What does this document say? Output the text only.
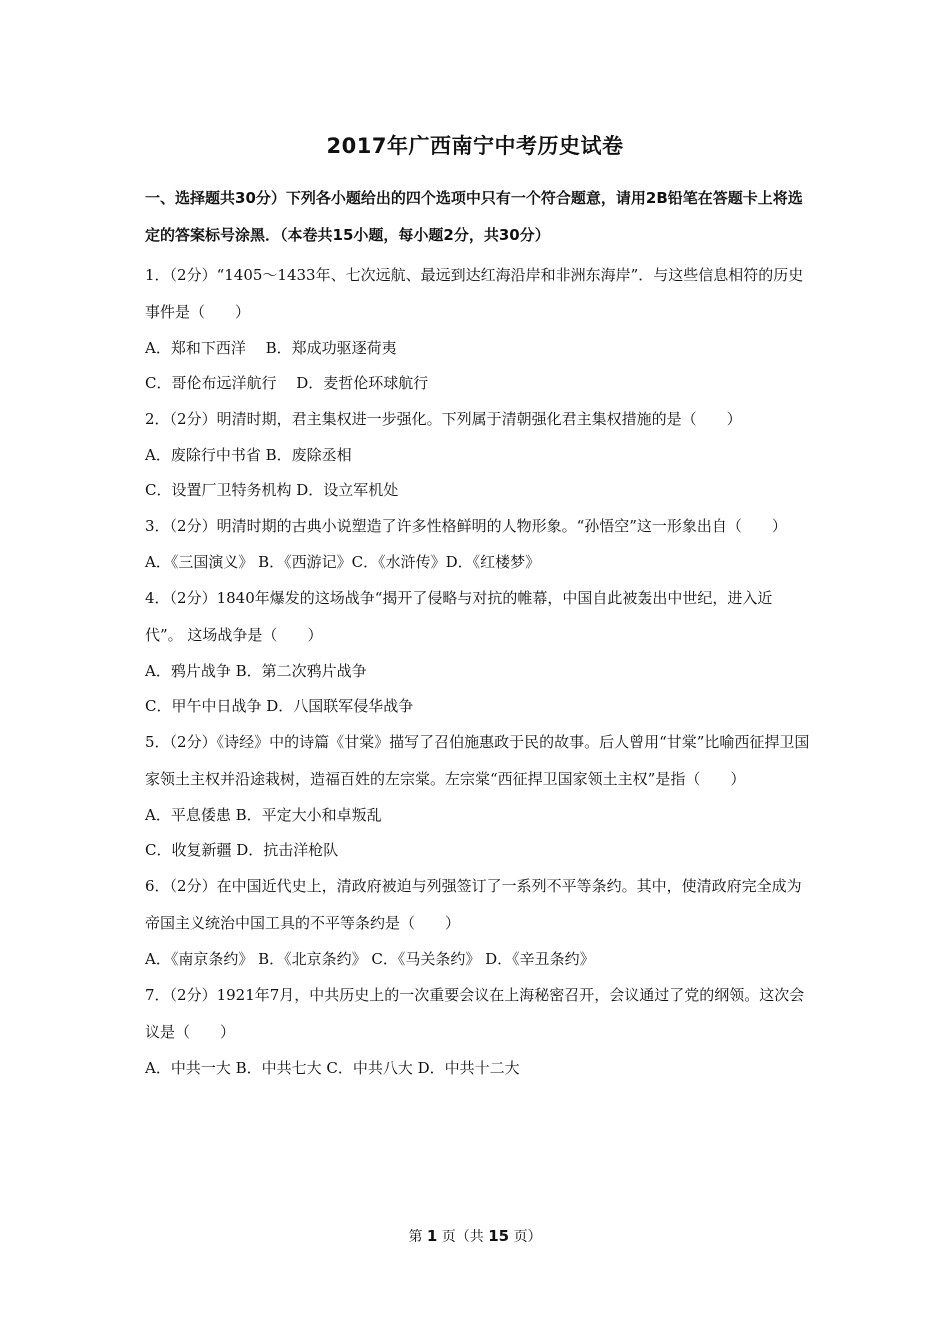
2017年广西南宁中考历史试卷
一、选择题共30分）下列各小题给出的四个选项中只有一个符合题意，请用2B铅笔在答题卡上将选定的答案标号涂黑．（本卷共15小题，每小题2分，共30分）

1．（2分）“1405～1433年、七次远航、最远到达红海沿岸和非洲东海岸”．与这些信息相符的历史事件是（　　）

A．郑和下西洋　 B．郑成功驱逐荷夷

C．哥伦布远洋航行　 D．麦哲伦环球航行

2．（2分）明清时期，君主集权进一步强化。下列属于清朝强化君主集权措施的是（　　）

A．废除行中书省 B．废除丞相

C．设置厂卫特务机构 D．设立军机处

3．（2分）明清时期的古典小说塑造了许多性格鲜明的人物形象。“孙悟空”这一形象出自（　　）

A．《三国演义》 B．《西游记》C．《水浒传》D．《红楼梦》

4．（2分）1840年爆发的这场战争“揭开了侵略与对抗的帷幕，中国自此被轰出中世纪，进入近代”。 这场战争是（　　）

A．鸦片战争 B．第二次鸦片战争

C．甲午中日战争 D．八国联军侵华战争

5．（2分）《诗经》中的诗篇《甘棠》描写了召伯施惠政于民的故事。后人曾用“甘棠”比喻西征捍卫国家领土主权并沿途栽树，造福百姓的左宗棠。左宗棠“西征捍卫国家领土主权”是指（　　）

A．平息倭患 B．平定大小和卓叛乱

C．收复新疆 D．抗击洋枪队

6．（2分）在中国近代史上，清政府被迫与列强签订了一系列不平等条约。其中，使清政府完全成为帝国主义统治中国工具的不平等条约是（　　）

A．《南京条约》 B．《北京条约》 C．《马关条约》 D．《辛丑条约》

7．（2分）1921年7月，中共历史上的一次重要会议在上海秘密召开，会议通过了党的纲领。这次会议是（　　）

A．中共一大 B．中共七大 C．中共八大 D．中共十二大

第 1 页（共 15 页）
